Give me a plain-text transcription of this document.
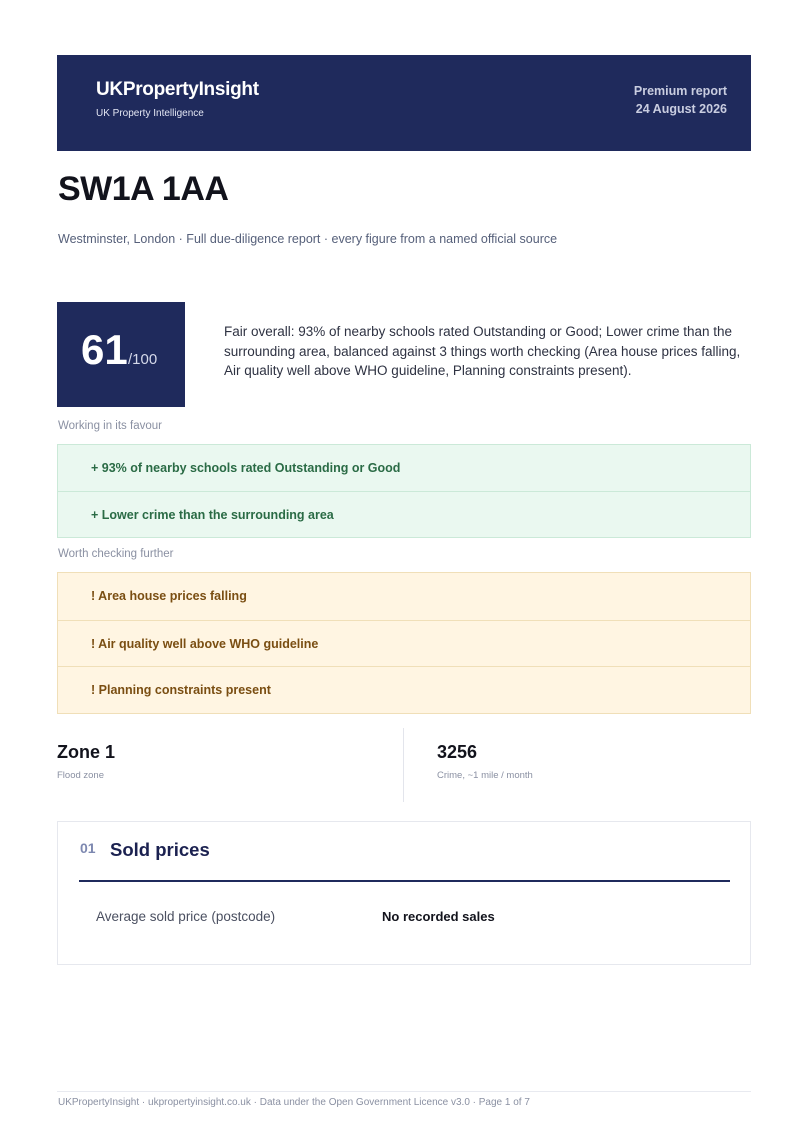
UKPropertyInsight
UK Property Intelligence
Premium report
24 August 2026
SW1A 1AA
Westminster, London · Full due-diligence report · every figure from a named official source
61 /100
Fair overall: 93% of nearby schools rated Outstanding or Good; Lower crime than the surrounding area, balanced against 3 things worth checking (Area house prices falling, Air quality well above WHO guideline, Planning constraints present).
Working in its favour
+ 93% of nearby schools rated Outstanding or Good
+ Lower crime than the surrounding area
Worth checking further
! Area house prices falling
! Air quality well above WHO guideline
! Planning constraints present
Zone 1
Flood zone
3256
Crime, ~1 mile / month
01 Sold prices
Average sold price (postcode)	No recorded sales
UKPropertyInsight · ukpropertyinsight.co.uk · Data under the Open Government Licence v3.0 · Page 1 of 7
